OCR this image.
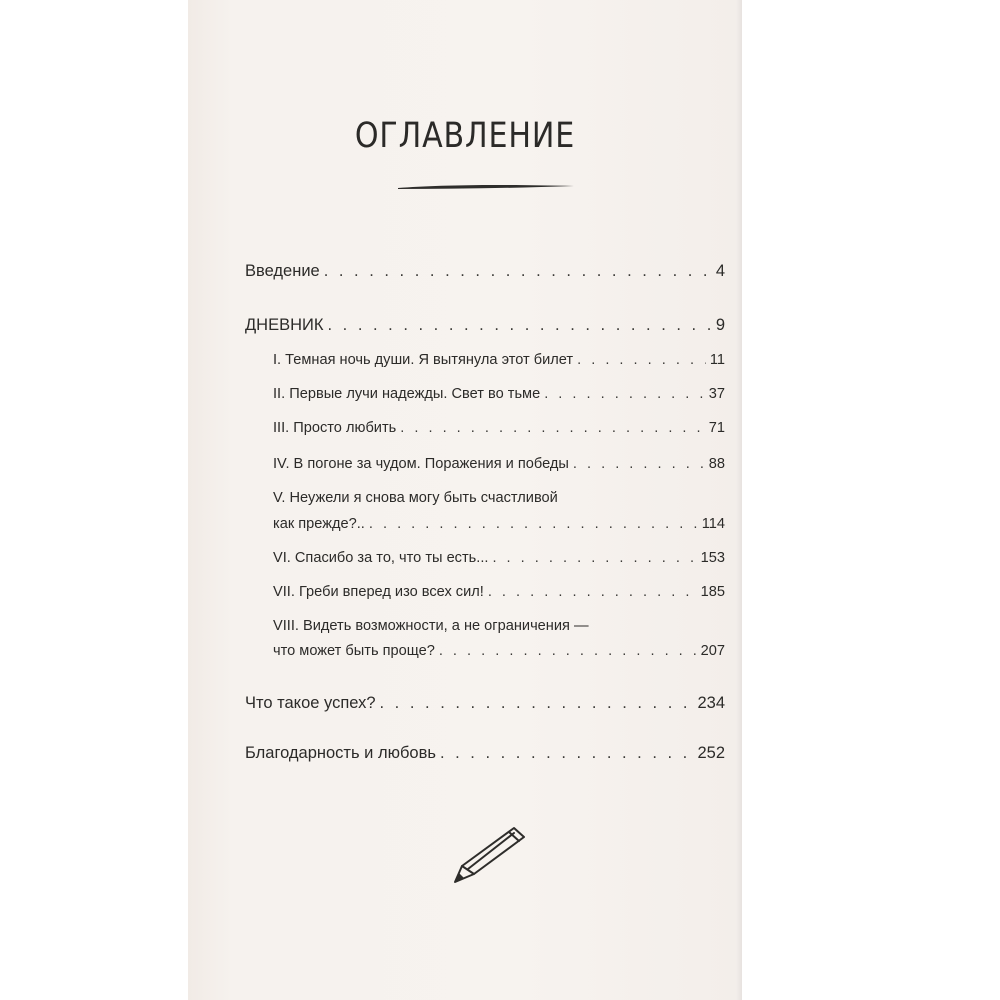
ОГЛАВЛЕНИЕ
Введение . . .	4
ДНЕВНИК . . .	9
I. Темная ночь души. Я вытянула этот билет . . .	11
II. Первые лучи надежды. Свет во тьме . . .	37
III. Просто любить . . .	71
IV. В погоне за чудом. Поражения и победы . . .	88
V. Неужели я снова могу быть счастливой
как прежде?.. . . .	114
VI. Спасибо за то, что ты есть... . . .	153
VII. Греби вперед изо всех сил! . . .	185
VIII. Видеть возможности, а не ограничения —
что может быть проще? . . .	207
Что такое успех? . . .	234
Благодарность и любовь . . .	252
